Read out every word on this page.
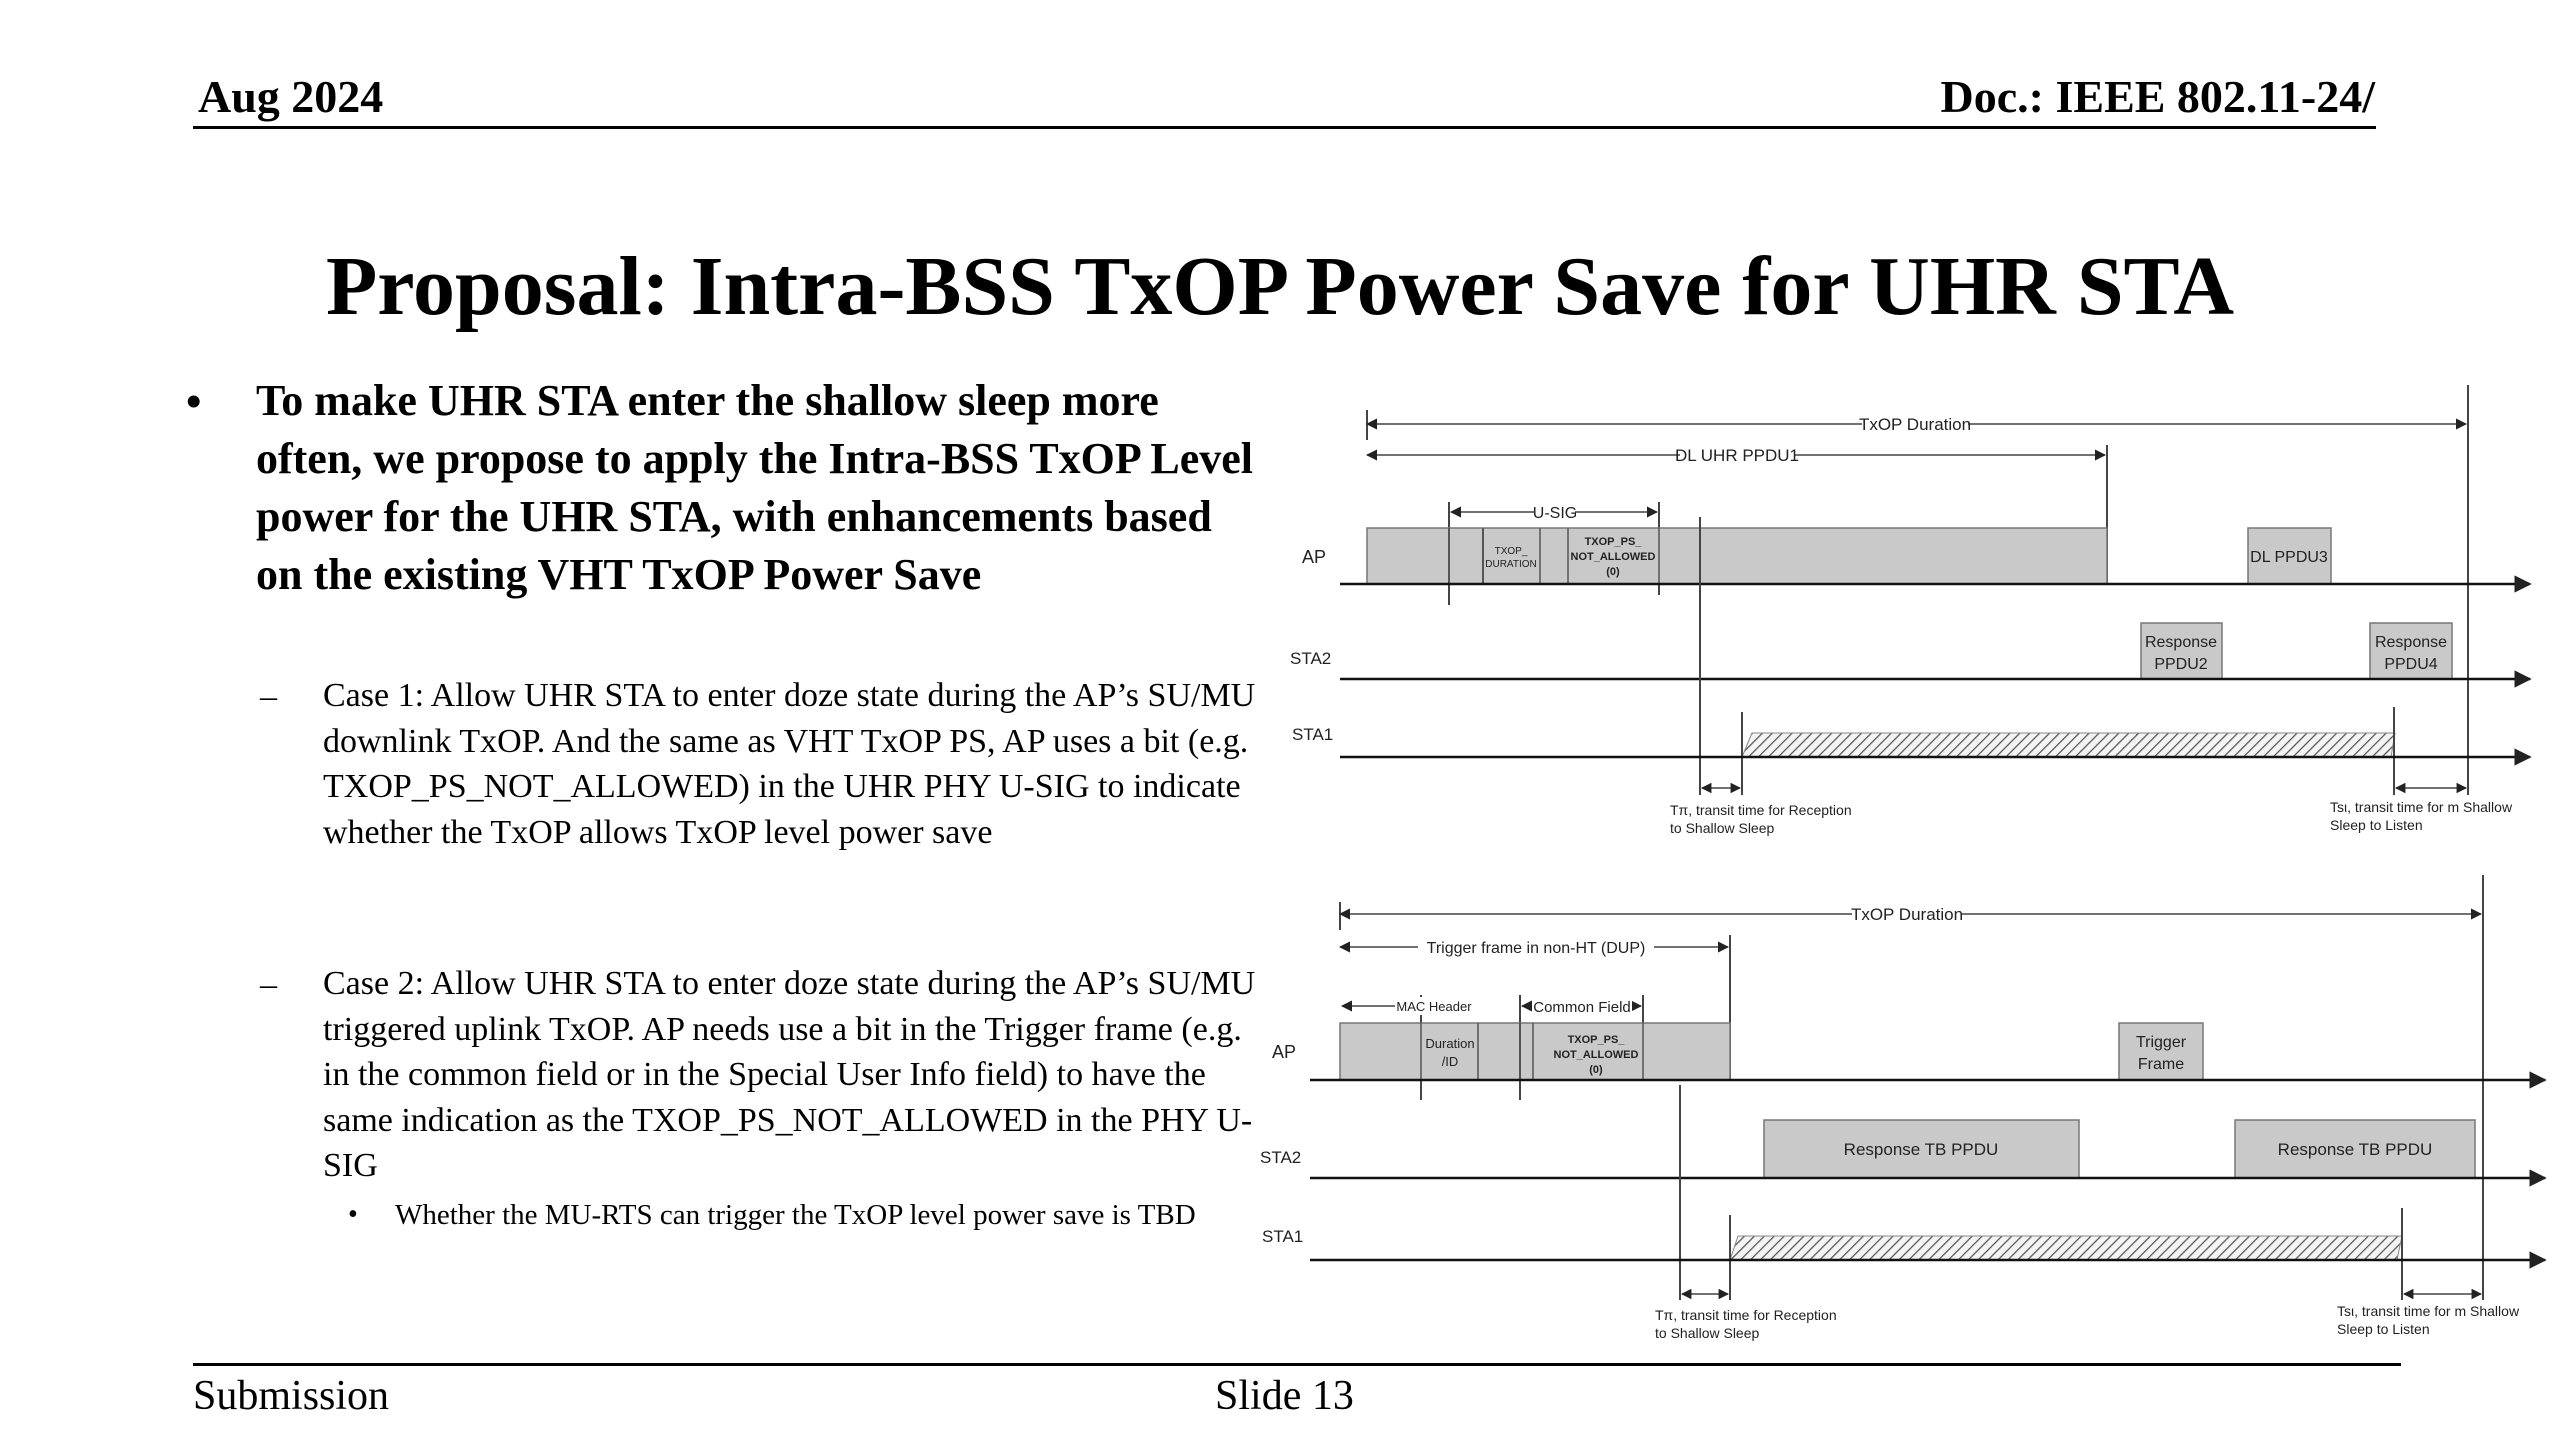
Aug 2024	Doc.: IEEE 802.11-24/
Proposal: Intra-BSS TxOP Power Save for UHR STA
• To make UHR STA enter the shallow sleep more often, we propose to apply the Intra-BSS TxOP Level power for the UHR STA, with enhancements based on the existing VHT TxOP Power Save
– Case 1: Allow UHR STA to enter doze state during the AP’s SU/MU downlink TxOP. And the same as VHT TxOP PS, AP uses a bit (e.g. TXOP_PS_NOT_ALLOWED) in the UHR PHY U-SIG to indicate whether the TxOP allows TxOP level power save
– Case 2: Allow UHR STA to enter doze state during the AP’s SU/MU triggered uplink TxOP. AP needs use a bit in the Trigger frame (e.g. in the common field or in the Special User Info field) to have the same indication as the TXOP_PS_NOT_ALLOWED in the PHY U-SIG
• Whether the MU-RTS can trigger the TxOP level power save is TBD
Submission	Slide 13
TxOP Duration
DL UHR PPDU1
U-SIG
AP	TXOP_
DURATION
TXOP_PS_
NOT_ALLOWED
(0)
DL PPDU3
STA2
Response
PPDU2
Response
PPDU4
STA1
Tπ, transit time for Reception
to Shallow Sleep
Tsι, transit time for m Shallow
Sleep to Listen
TxOP Duration
Trigger frame in non-HT (DUP)
MAC Header	Common Field
AP	Duration
/ID
TXOP_PS_
NOT_ALLOWED
(0)
Trigger
Frame
STA2	Response TB PPDU	Response TB PPDU
STA1
Tπ, transit time for Reception
to Shallow Sleep
Tsι, transit time for m Shallow
Sleep to Listen
